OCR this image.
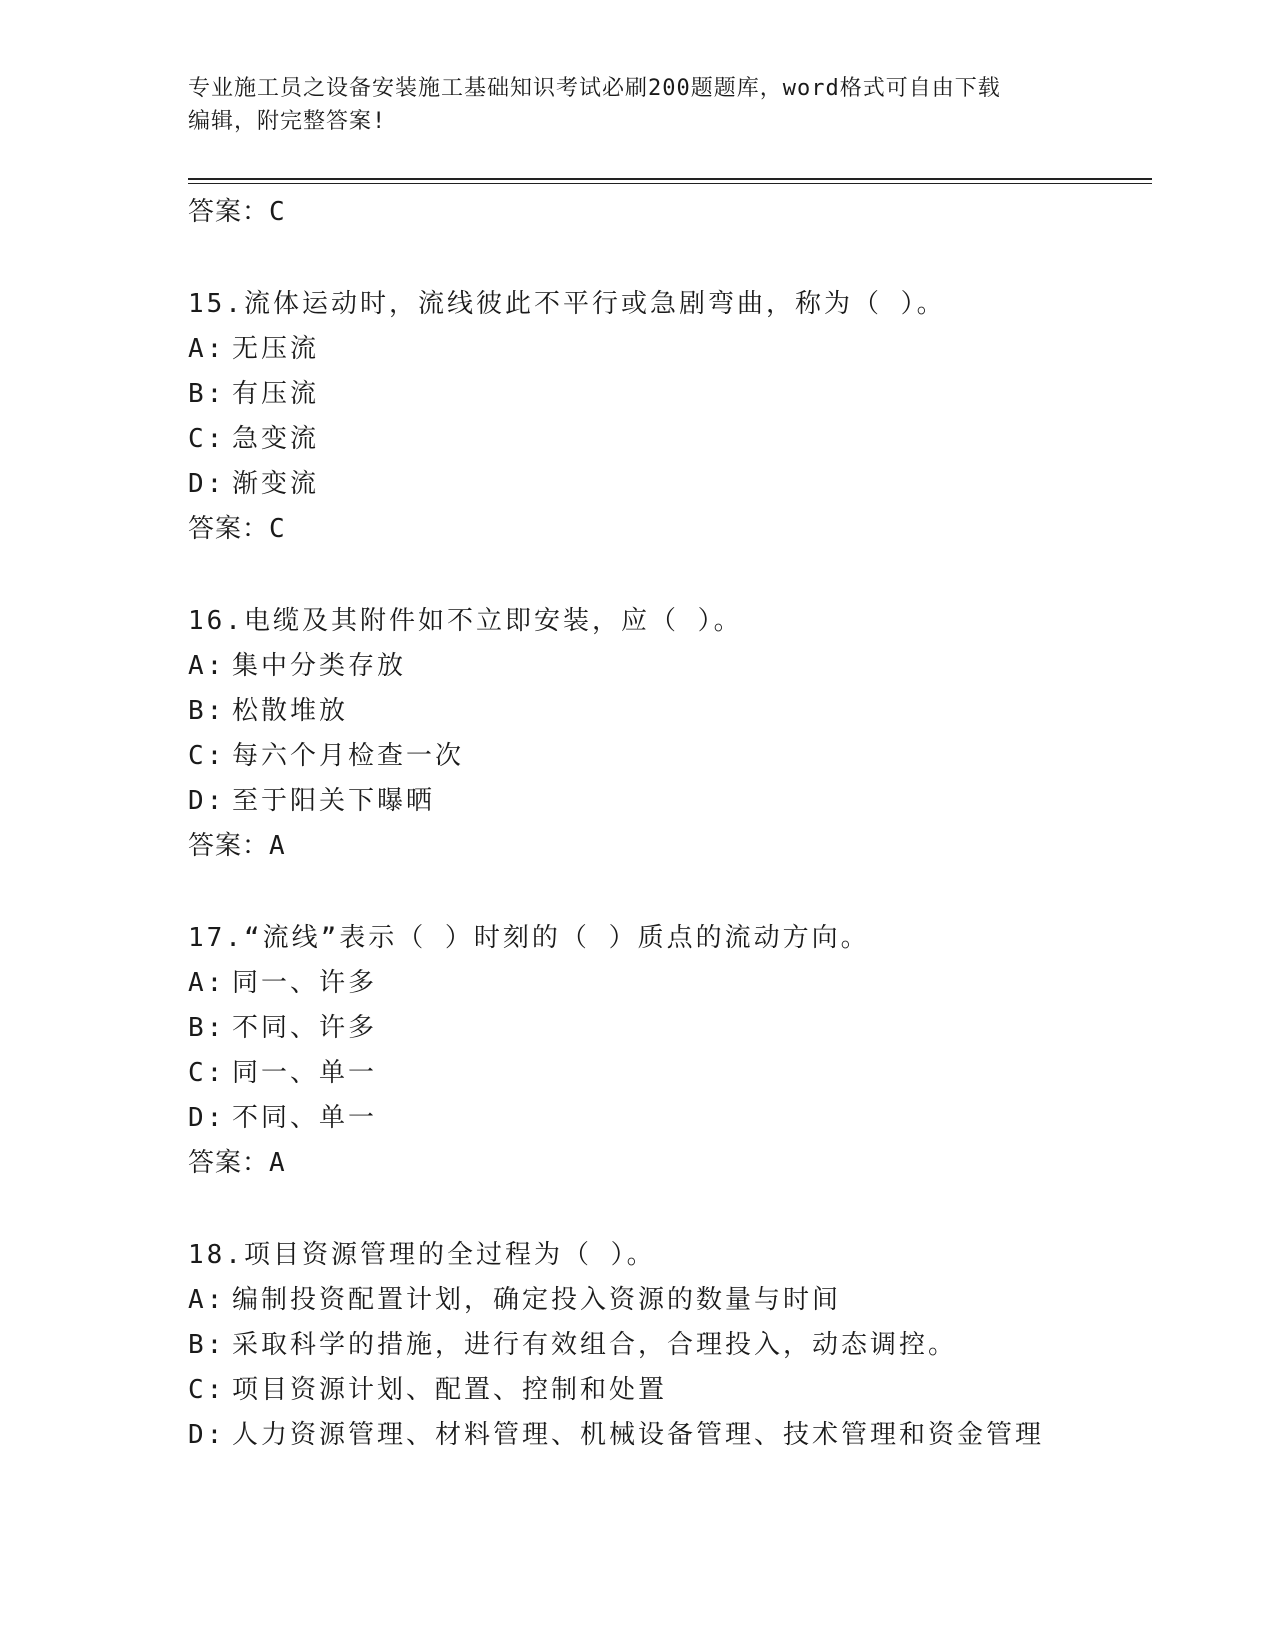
专业施工员之设备安装施工基础知识考试必刷200题题库，word格式可自由下载
编辑，附完整答案!
答案：C
15.流体运动时，流线彼此不平行或急剧弯曲，称为（ ）。
A: 无压流
B: 有压流
C: 急变流
D: 渐变流
答案：C
16.电缆及其附件如不立即安装，应（ ）。
A: 集中分类存放
B: 松散堆放
C: 每六个月检查一次
D: 至于阳关下曝晒
答案：A
17.“流线”表示（ ）时刻的（ ）质点的流动方向。
A: 同一、许多
B: 不同、许多
C: 同一、单一
D: 不同、单一
答案：A
18.项目资源管理的全过程为（ ）。
A: 编制投资配置计划，确定投入资源的数量与时间
B: 采取科学的措施，进行有效组合，合理投入，动态调控。
C: 项目资源计划、配置、控制和处置
D: 人力资源管理、材料管理、机械设备管理、技术管理和资金管理
